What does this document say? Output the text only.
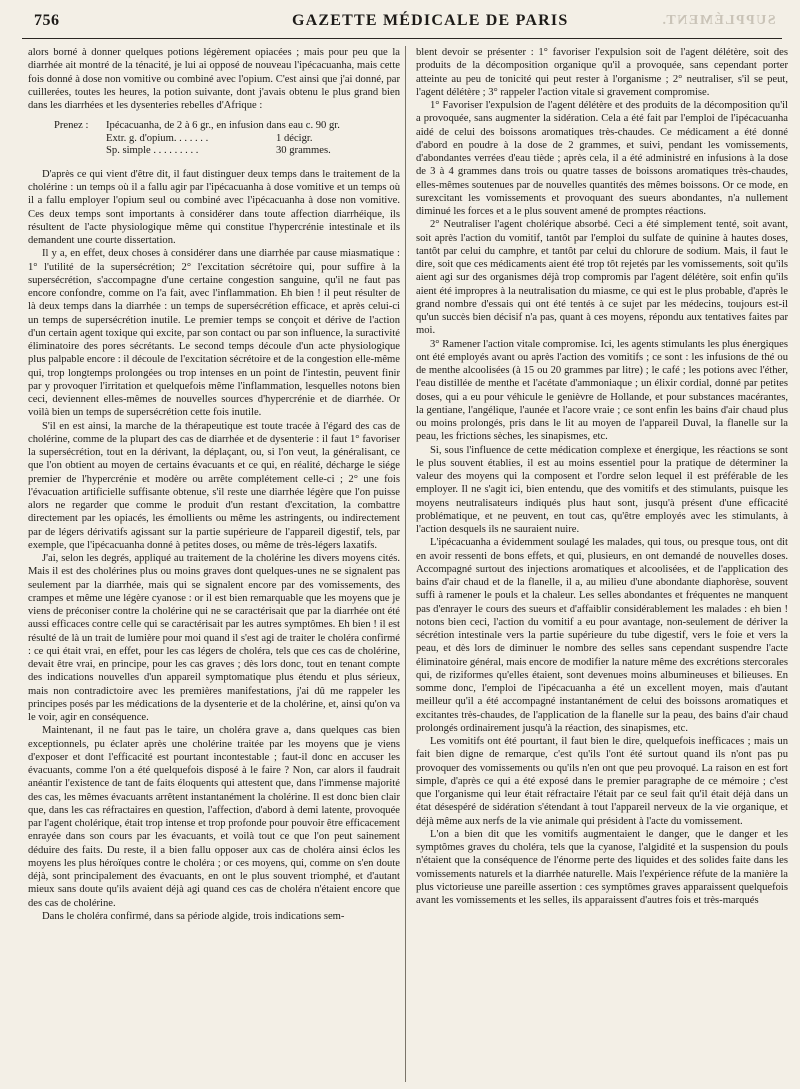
756	GAZETTE MÉDICALE DE PARIS	SUPPLÉMENT.

alors borné à donner quelques potions légèrement opiacées ; mais pour peu que la diarrhée ait montré de la ténacité, je lui ai opposé de nouveau l'ipécacuanha, mais cette fois donné à dose non vomitive ou combiné avec l'opium. C'est ainsi que j'ai donné, par cuillerées, toutes les heures, la potion suivante, dont j'avais obtenu le plus grand bien dans les diarrhées et les dysenteries rebelles d'Afrique :

Prenez :	Ipécacuanha, de 2 à 6 gr. , en infusion dans eau c. 90 gr.
Extr. g. d'opium. . . . . . .	1 décigr.
Sp. simple . . . . . . . . .	30 grammes.

D'après ce qui vient d'être dit, il faut distinguer deux temps dans le traitement de la cholérine : un temps où il a fallu agir par l'ipécacuanha à dose vomitive et un temps où il a fallu employer l'opium seul ou combiné avec l'ipécacuanha à dose non vomitive. Ces deux temps sont importants à considérer dans toute affection diarrhéique, ils résultent de l'acte physiologique même qui constitue l'hypercrénie intestinale et ils demandent une courte dissertation.

Il y a, en effet, deux choses à considérer dans une diarrhée par cause miasmatique : 1° l'utilité de la supersécrétion; 2° l'excitation sécrétoire qui, pour suffire à la supersécrétion, s'accompagne d'une certaine congestion sanguine, qu'il ne faut pas encore confondre, comme on l'a fait, avec l'inflammation. Eh bien ! il peut résulter de là deux temps dans la diarrhée : un temps de supersécrétion efficace, et après celui-ci un temps de supersécrétion inutile. Le premier temps se conçoit et dérive de l'action d'un certain agent toxique qui excite, par son contact ou par son influence, la suractivité éliminatoire des pores sécrétants. Le second temps découle d'un acte physiologique plus palpable encore : il découle de l'excitation sécrétoire et de la congestion elle-même qui, trop longtemps prolongées ou trop intenses en un point de l'intestin, peuvent finir par y provoquer l'irritation et quelquefois même l'inflammation, lesquelles notons bien ceci, deviennent elles-mêmes de nouvelles sources d'hypercrénie et de diarrhée. Or voilà bien un temps de supersécrétion cette fois inutile.

S'il en est ainsi, la marche de la thérapeutique est toute tracée à l'égard des cas de cholérine, comme de la plupart des cas de diarrhée et de dysenterie : il faut 1° favoriser la supersécrétion, tout en la dérivant, la déplaçant, ou, si l'on veut, la généralisant, ce que l'on obtient au moyen de certains évacuants et ce qui, en réalité, décharge le siége premier de l'hypercrénie et modère ou arrête complétement celle-ci ; 2° une fois l'évacuation artificielle suffisante obtenue, s'il reste une diarrhée légère que l'on puisse alors ne regarder que comme le produit d'un restant d'excitation, la combattre directement par les opiacés, les émollients ou même les astringents, ou indirectement par de légers dérivatifs agissant sur la partie supérieure de l'appareil digestif, tels, par exemple, que l'ipécacuanha donné à petites doses, ou même de très-légers laxatifs.

J'ai, selon les degrés, appliqué au traitement de la cholérine les divers moyens cités. Mais il est des cholérines plus ou moins graves dont quelques-unes ne se signalent pas seulement par la diarrhée, mais qui se signalent encore par des vomissements, des crampes et même une légère cyanose : or il est bien remarquable que les moyens que je viens de préconiser contre la cholérine qui ne se caractérisait que par la diarrhée ont été aussi efficaces contre celle qui se caractérisait par les autres symptômes. Eh bien ! il est résulté de là un trait de lumière pour moi quand il s'est agi de traiter le choléra confirmé : ce qui était vrai, en effet, pour les cas légers de choléra, tels que ces cas de cholérine, devait être vrai, en principe, pour les cas graves ; dès lors donc, tout en tenant compte des indications nouvelles d'un appareil symptomatique plus étendu et plus sérieux, mais non contradictoire avec les premières manifestations, j'ai dû me rappeler les principes posés par les médications de la dysenterie et de la cholérine, et, ainsi qu'on va le voir, agir en conséquence.

Maintenant, il ne faut pas le taire, un choléra grave a, dans quelques cas bien exceptionnels, pu éclater après une cholérine traitée par les moyens que je viens d'exposer et dont l'efficacité est pourtant incontestable ; faut-il donc en accuser les évacuants, comme l'on a été quelquefois disposé à le faire ? Non, car alors il faudrait anéantir l'existence de tant de faits éloquents qui attestent que, dans l'immense majorité des cas, les mêmes évacuants arrêtent instantanément la cholérine. Il est donc bien clair que, dans les cas réfractaires en question, l'affection, d'abord à demi latente, provoquée par l'agent cholérique, était trop intense et trop profonde pour pouvoir être efficacement enrayée dans son cours par les évacuants, et voilà tout ce que l'on peut sainement déduire des faits. Du reste, il a bien fallu opposer aux cas de choléra ainsi éclos les moyens les plus héroïques contre le choléra ; or ces moyens, qui, comme on s'en doute déjà, sont principalement des évacuants, en ont le plus souvent triomphé, et d'autant mieux sans doute qu'ils avaient déjà agi quand ces cas de choléra n'étaient encore que des cas de cholérine.

Dans le choléra confirmé, dans sa période algide, trois indications sem-

blent devoir se présenter : 1° favoriser l'expulsion soit de l'agent délétère, soit des produits de la décomposition organique qu'il a provoquée, sans cependant porter atteinte au peu de tonicité qui peut rester à l'organisme ; 2° neutraliser, s'il se peut, l'agent délétère ; 3° rappeler l'action vitale si gravement compromise.

1° Favoriser l'expulsion de l'agent délétère et des produits de la décomposition qu'il a provoquée, sans augmenter la sidération. Cela a été fait par l'emploi de l'ipécacuanha aidé de celui des boissons aromatiques très-chaudes. Ce médicament a été donné d'abord en poudre à la dose de 2 grammes, et suivi, pendant les vomissements, d'abondantes verrées d'eau tiède ; après cela, il a été administré en infusions à la dose de 3 à 4 grammes dans trois ou quatre tasses de boissons aromatiques très-chaudes, elles-mêmes soutenues par de nouvelles quantités des mêmes boissons. Or ce mode, en surexcitant les vomissements et provoquant des sueurs abondantes, n'a nullement diminué les forces et a le plus souvent amené de promptes réactions.

2° Neutraliser l'agent cholérique absorbé. Ceci a été simplement tenté, soit avant, soit après l'action du vomitif, tantôt par l'emploi du sulfate de quinine à hautes doses, tantôt par celui du camphre, et tantôt par celui du chlorure de sodium. Mais, il faut le dire, soit que ces médicaments aient été trop tôt rejetés par les vomissements, soit qu'ils aient agi sur des organismes déjà trop compromis par l'agent délétère, soit enfin qu'ils aient été impropres à la neutralisation du miasme, ce qui est le plus probable, d'après le grand nombre d'essais qui ont été tentés à ce sujet par les médecins, toujours est-il qu'un succès bien décisif n'a pas, quant à ces moyens, répondu aux tentatives faites par moi.

3° Ramener l'action vitale compromise. Ici, les agents stimulants les plus énergiques ont été employés avant ou après l'action des vomitifs ; ce sont : les infusions de thé ou de menthe alcoolisées (à 15 ou 20 grammes par litre) ; le café ; les potions avec l'éther, l'eau distillée de menthe et l'acétate d'ammoniaque ; un élixir cordial, donné par petites doses, qui a eu pour véhicule le genièvre de Hollande, et pour substances macérantes, la gentiane, l'angélique, l'aunée et l'acore vraie ; ce sont enfin les bains d'air chaud plus ou moins prolongés, pris dans le lit au moyen de l'appareil Duval, la flanelle sur la peau, les frictions sèches, les sinapismes, etc.

Si, sous l'influence de cette médication complexe et énergique, les réactions se sont le plus souvent établies, il est au moins essentiel pour la pratique de déterminer la valeur des moyens qui la composent et l'ordre selon lequel il est préférable de les employer. Il ne s'agit ici, bien entendu, que des vomitifs et des stimulants, puisque les moyens neutralisateurs indiqués plus haut sont, jusqu'à présent d'une efficacité problématique, et ne peuvent, en tout cas, qu'être employés avec les stimulants, à l'action desquels ils ne sauraient nuire.

L'ipécacuanha a évidemment soulagé les malades, qui tous, ou presque tous, ont dit en avoir ressenti de bons effets, et qui, plusieurs, en ont demandé de nouvelles doses. Accompagné surtout des injections aromatiques et alcoolisées, et de l'application des bains d'air chaud et de la flanelle, il a, au milieu d'une abondante diaphorèse, souvent suffi à ramener le pouls et la chaleur. Les selles abondantes et fréquentes ne manquent pas d'enrayer le cours des sueurs et d'affaiblir considérablement les malades : eh bien ! notons bien ceci, l'action du vomitif a eu pour avantage, non-seulement de dériver la sécrétion intestinale vers la partie supérieure du tube digestif, vers le foie et vers la peau, et dès lors de diminuer le nombre des selles sans cependant suspendre l'acte éliminatoire général, mais encore de modifier la nature même des excrétions stercorales qui, de riziformes qu'elles étaient, sont devenues moins albumineuses et bilieuses. En somme donc, l'emploi de l'ipécacuanha a été un excellent moyen, mais d'autant meilleur qu'il a été accompagné instantanément de celui des boissons aromatiques et excitantes très-chaudes, de l'application de la flanelle sur la peau, des bains d'air chaud prolongés ordinairement jusqu'à la réaction, des sinapismes, etc.

Les vomitifs ont été pourtant, il faut bien le dire, quelquefois inefficaces ; mais un fait bien digne de remarque, c'est qu'ils l'ont été surtout quand ils n'ont pas pu provoquer des vomissements ou qu'ils n'en ont que peu provoqué. La raison en est fort simple, d'après ce qui a été exposé dans le premier paragraphe de ce mémoire ; c'est que l'organisme qui leur était réfractaire l'était par ce seul fait qu'il était déjà dans un état désespéré de sidération s'étendant à tout l'appareil nerveux de la vie organique, et déjà même aux nerfs de la vie animale qui président à l'acte du vomissement.

L'on a bien dit que les vomitifs augmentaient le danger, que le danger et les symptômes graves du choléra, tels que la cyanose, l'algidité et la suspension du pouls n'étaient que la conséquence de l'énorme perte des liquides et des solides faite dans les vomissements naturels et la diarrhée naturelle. Mais l'expérience réfute de la manière la plus victorieuse une pareille assertion : ces symptômes graves apparaissent quelquefois avant les vomissements et les selles, ils apparaissent d'autres fois et très-marqués
